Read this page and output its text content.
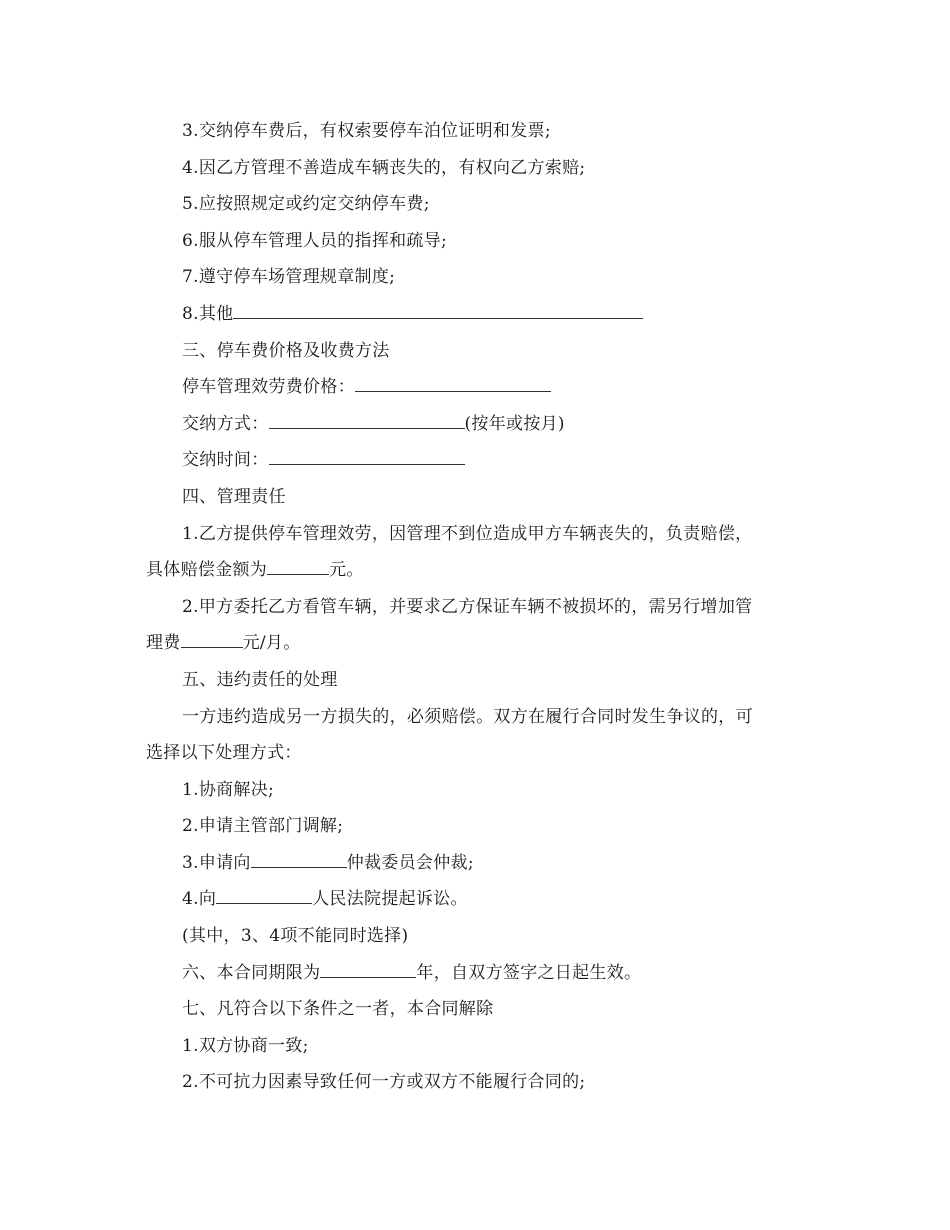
3.交纳停车费后，有权索要停车泊位证明和发票;
4.因乙方管理不善造成车辆丧失的，有权向乙方索赔;
5.应按照规定或约定交纳停车费;
6.服从停车管理人员的指挥和疏导;
7.遵守停车场管理规章制度;
8.其他
三、停车费价格及收费方法
停车管理效劳费价格：
交纳方式：	(按年或按月)
交纳时间：
四、管理责任
1.乙方提供停车管理效劳，因管理不到位造成甲方车辆丧失的，负责赔偿，
具体赔偿金额为	元。
2.甲方委托乙方看管车辆，并要求乙方保证车辆不被损坏的，需另行增加管
理费	元/月。
五、违约责任的处理
一方违约造成另一方损失的，必须赔偿。双方在履行合同时发生争议的，可
选择以下处理方式：
1.协商解决;
2.申请主管部门调解;
3.申请向	仲裁委员会仲裁;
4.向	人民法院提起诉讼。
(其中，3、4项不能同时选择)
六、本合同期限为	年，自双方签字之日起生效。
七、凡符合以下条件之一者，本合同解除
1.双方协商一致;
2.不可抗力因素导致任何一方或双方不能履行合同的;
